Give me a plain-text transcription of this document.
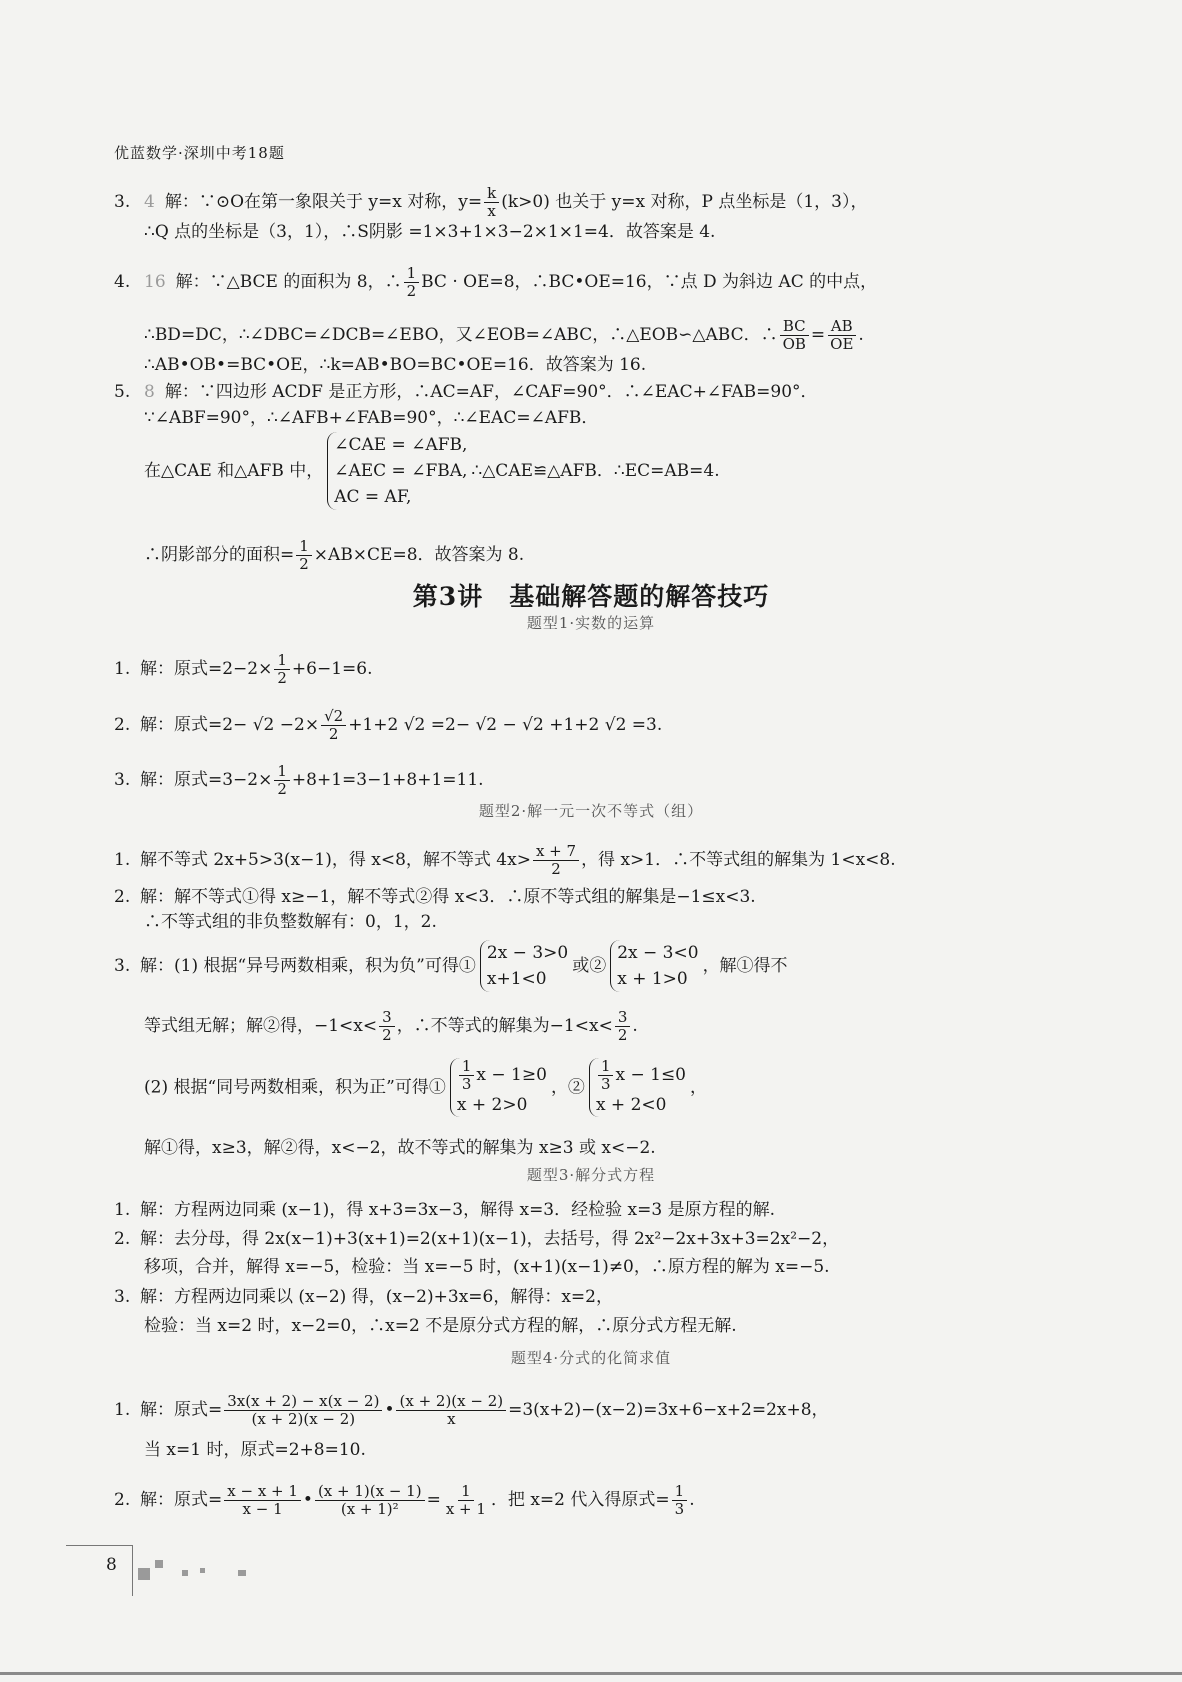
优蓝数学·深圳中考18题
3. 4 解：∵⊙O在第一象限关于 y=x 对称，$y= \frac{k}{x} (k>0)$ 也关于 y=x 对称，P 点坐标是（1，3），
∴Q 点的坐标是（3，1），∴S阴影 =1×3+1×3−2×1×1=4．故答案是 4.
4. 16 解：∵△BCE 的面积为 8，∴ $\frac{1}{2}$ BC · OE=8，∴BC•OE=16，∵点 D 为斜边 AC 的中点，
∴BD=DC，∴∠DBC=∠DCB=∠EBO，又∠EOB=∠ABC，∴△EOB∽△ABC．∴ $\frac{BC}{OB} = \frac{AB}{OE}$ .
∴AB•OB•=BC•OE，∴k=AB•BO=BC•OE=16．故答案为 16.
5. 8 解：∵四边形 ACDF 是正方形，∴AC=AF，∠CAF=90°．∴∠EAC+∠FAB=90°．
∵∠ABF=90°，∴∠AFB+∠FAB=90°，∴∠EAC=∠AFB．
在△CAE 和△AFB 中，
∠CAE = ∠AFB,
∠AEC = ∠FBA,
AC = AF,
∴△CAE≌△AFB．∴EC=AB=4.
∴阴影部分的面积= $\frac{1}{2} \times AB\times CE=8$．故答案为 8.
第3讲　基础解答题的解答技巧
题型1·实数的运算
1. 解：原式$=2-2\times \frac{1}{2} +6-1=6$.
2. 解：原式$=2- √2 -2\times \frac{√2}{2} +1+2$ √2 =2− √2 − √2 +1+2 √2 =3.
3. 解：原式$=3-2\times \frac{1}{2} +8+1=3-1+8+1=11$.
题型2·解一元一次不等式（组）
1. 解不等式 2x+5>3(x−1)，得 x<8，解不等式 $4x> \frac{x + 7}{2}$ ，得 x>1．∴不等式组的解集为 1<x<8.
2. 解：解不等式①得 x≥−1，解不等式②得 x<3．∴原不等式组的解集是−1≤x<3.
∴不等式组的非负整数解有：0，1，2.
3. 解：(1) 根据“异号两数相乘，积为负”可得①
2x − 3>0
x+1<0
或②
2x − 3<0
x + 1>0
，解①得不
等式组无解；解②得，$-1<x< \frac{3}{2}$ ，∴不等式的解集为$-1<x< \frac{3}{2}$ .
(2) 根据“同号两数相乘，积为正”可得① $\frac{1}{3}$ x − 1≥0
x + 2>0
，② $\frac{1}{3}$ x − 1≤0
x + 2<0
，
解①得，x≥3，解②得，x<−2，故不等式的解集为 x≥3 或 x<−2.
题型3·解分式方程
1. 解：方程两边同乘 (x−1)，得 x+3=3x−3，解得 x=3．经检验 x=3 是原方程的解.
2. 解：去分母，得 2x(x−1)+3(x+1)=2(x+1)(x−1)，去括号，得 2x²−2x+3x+3=2x²−2，
移项，合并，解得 x=−5，检验：当 x=−5 时，(x+1)(x−1)≠0，∴原方程的解为 x=−5.
3. 解：方程两边同乘以 (x−2) 得，(x−2)+3x=6，解得：x=2，
检验：当 x=2 时，x−2=0，∴x=2 不是原分式方程的解，∴原分式方程无解.
题型4·分式的化简求值
1. 解：原式= $\frac{3x(x + 2) - x(x - 2)}{(x + 2)(x - 2)}$ • $\frac{(x + 2)(x - 2)}{x} =3(x+2)-(x-2)=3x+6-x+2=2x+8$，
当 x=1 时，原式=2+8=10.
2. 解：原式= $\frac{x - x + 1}{x - 1}$ • $\frac{(x + 1)(x - 1)}{\text{(x + 1)²}} = \frac{1}{x + 1}$ ．把 x=2 代入得原式= $\frac{1}{3}$ .
8
